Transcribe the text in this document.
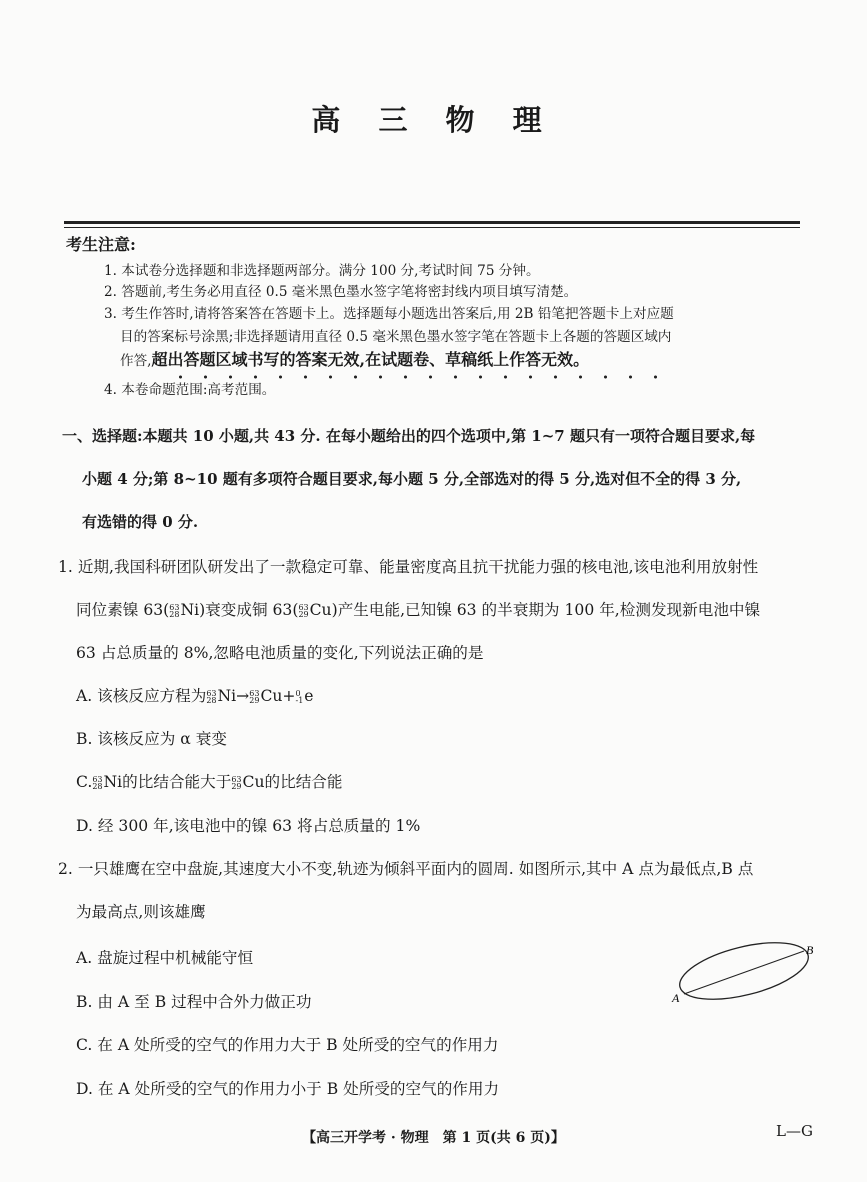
高 三 物 理
考生注意:
1. 本试卷分选择题和非选择题两部分。满分 100 分,考试时间 75 分钟。
2. 答题前,考生务必用直径 0.5 毫米黑色墨水签字笔将密封线内项目填写清楚。
3. 考生作答时,请将答案答在答题卡上。选择题每小题选出答案后,用 2B 铅笔把答题卡上对应题
目的答案标号涂黑;非选择题请用直径 0.5 毫米黑色墨水签字笔在答题卡上各题的答题区域内
作答,超出答题区域书写的答案无效,在试题卷、草稿纸上作答无效。
4. 本卷命题范围:高考范围。
一、选择题:本题共 10 小题,共 43 分. 在每小题给出的四个选项中,第 1~7 题只有一项符合题目要求,每
小题 4 分;第 8~10 题有多项符合题目要求,每小题 5 分,全部选对的得 5 分,选对但不全的得 3 分,
有选错的得 0 分.
1. 近期,我国科研团队研发出了一款稳定可靠、能量密度高且抗干扰能力强的核电池,该电池利用放射性
同位素镍 63(63
28Ni)衰变成铜 63(63
29Cu)产生电能,已知镍 63 的半衰期为 100 年,检测发现新电池中镍
63 占总质量的 8%,忽略电池质量的变化,下列说法正确的是
A. 该核反应方程为63
28Ni→63
29Cu+0
-1e
B. 该核反应为 α 衰变
C.63
28Ni的比结合能大于63
29Cu的比结合能
D. 经 300 年,该电池中的镍 63 将占总质量的 1%
2. 一只雄鹰在空中盘旋,其速度大小不变,轨迹为倾斜平面内的圆周. 如图所示,其中 A 点为最低点,B 点
为最高点,则该雄鹰
A. 盘旋过程中机械能守恒
B. 由 A 至 B 过程中合外力做正功
C. 在 A 处所受的空气的作用力大于 B 处所受的空气的作用力
D. 在 A 处所受的空气的作用力小于 B 处所受的空气的作用力
A
B
【高三开学考 · 物理　第 1 页(共 6 页)】	L—G
